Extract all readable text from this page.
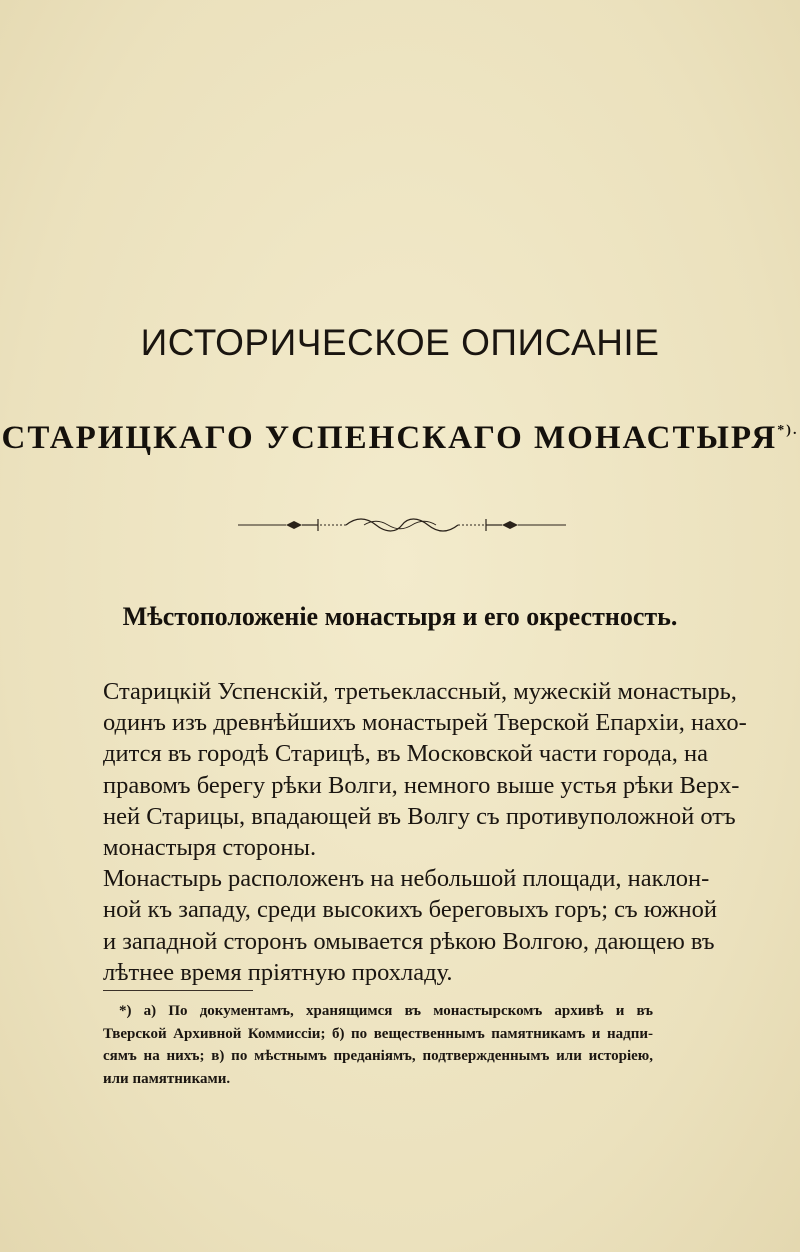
ИСТОРИЧЕСКОЕ ОПИСАНІЕ
СТАРИЦКАГО УСПЕНСКАГО МОНАСТЫРЯ*).
Мѣстоположеніе монастыря и его окрестность.
Старицкій Успенскій, третьеклассный, мужескій монастырь,
одинъ изъ древнѣйшихъ монастырей Тверской Епархіи, нахо-
дится въ городѣ Старицѣ, въ Московской части города, на
правомъ берегу рѣки Волги, немного выше устья рѣки Верх-
ней Старицы, впадающей въ Волгу съ противуположной отъ
монастыря стороны.
Монастырь расположенъ на небольшой площади, наклон-
ной къ западу, среди высокихъ береговыхъ горъ; съ южной
и западной сторонъ омывается рѣкою Волгою, дающею въ
лѣтнее время пріятную прохладу.
*) а) По документамъ, хранящимся въ монастырскомъ архивѣ и въ
Тверской Архивной Коммиссіи; б) по вещественнымъ памятникамъ и надпи-
сямъ на нихъ; в) по мѣстнымъ преданіямъ, подтвержденнымъ или исторіею,
или памятниками.
